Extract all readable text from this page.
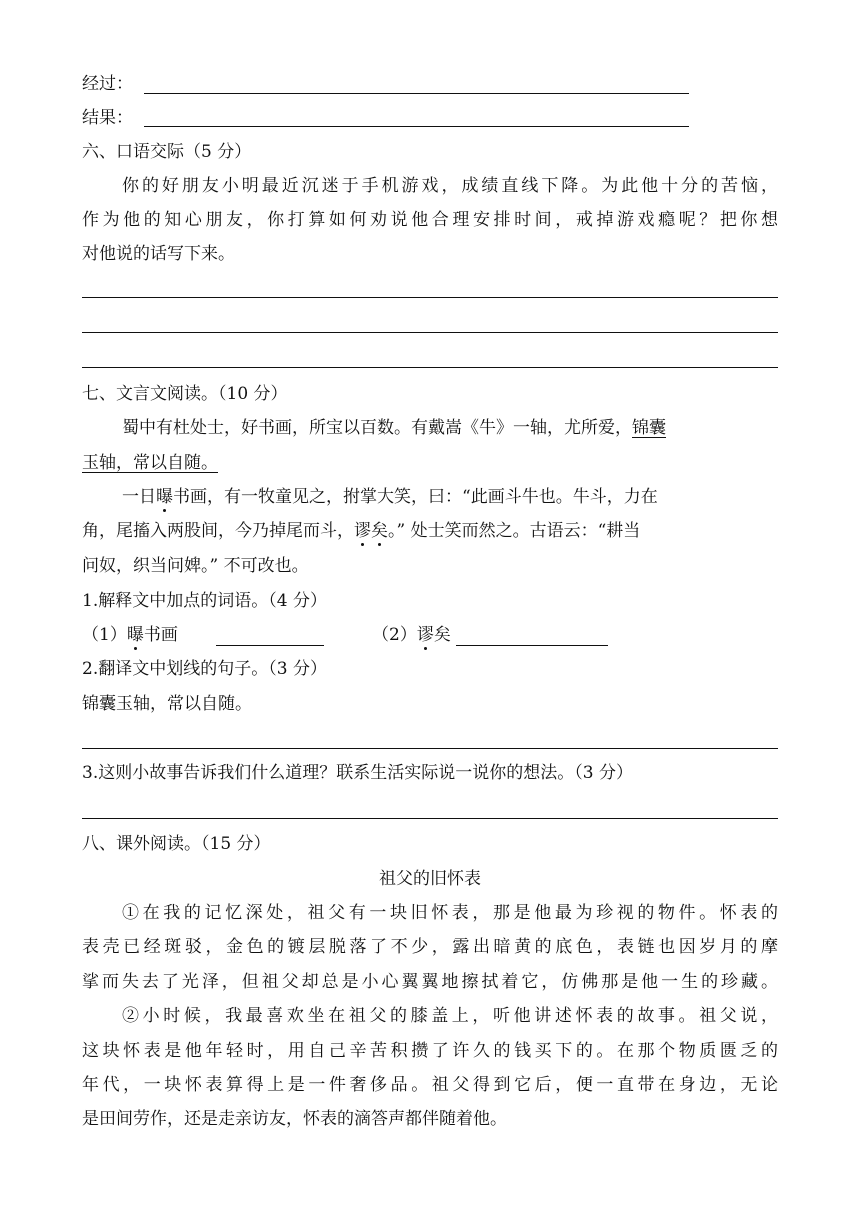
经过：
结果：
六、口语交际（5 分）
你的好朋友小明最近沉迷于手机游戏，成绩直线下降。为此他十分的苦恼，
作为他的知心朋友，你打算如何劝说他合理安排时间，戒掉游戏瘾呢？把你想
对他说的话写下来。
七、文言文阅读。（10 分）
蜀中有杜处士，好书画，所宝以百数。有戴嵩《牛》一轴，尤所爱，锦囊
玉轴，常以自随。
一日曝书画，有一牧童见之，拊掌大笑，曰：“此画斗牛也。牛斗，力在
角，尾搐入两股间，今乃掉尾而斗，谬矣。” 处士笑而然之。古语云：“耕当
问奴，织当问婢。” 不可改也。
1.解释文中加点的词语。（4 分）
（1）曝书画	（2）谬矣
2.翻译文中划线的句子。（3 分）
锦囊玉轴，常以自随。
3.这则小故事告诉我们什么道理？联系生活实际说一说你的想法。（3 分）
八、课外阅读。（15 分）
祖父的旧怀表
①在我的记忆深处，祖父有一块旧怀表，那是他最为珍视的物件。怀表的
表壳已经斑驳，金色的镀层脱落了不少，露出暗黄的底色，表链也因岁月的摩
挲而失去了光泽，但祖父却总是小心翼翼地擦拭着它，仿佛那是他一生的珍藏。
②小时候，我最喜欢坐在祖父的膝盖上，听他讲述怀表的故事。祖父说，
这块怀表是他年轻时，用自己辛苦积攒了许久的钱买下的。在那个物质匮乏的
年代，一块怀表算得上是一件奢侈品。祖父得到它后，便一直带在身边，无论
是田间劳作，还是走亲访友，怀表的滴答声都伴随着他。
